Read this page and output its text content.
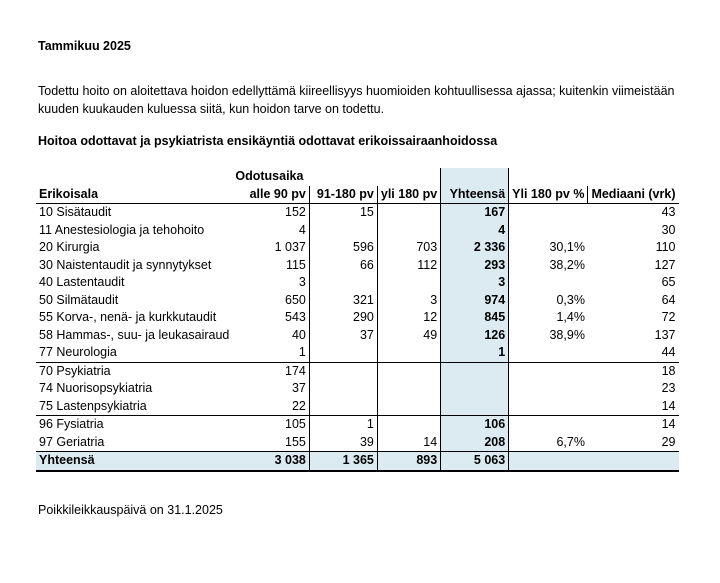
Tammikuu 2025
Todettu hoito on aloitettava hoidon edellyttämä kiireellisyys huomioiden kohtuullisessa ajassa; kuitenkin viimeistään kuuden kuukauden kuluessa siitä, kun hoidon tarve on todettu.
Hoitoa odottavat ja psykiatrista ensikäyntiä odottavat erikoissairaanhoidossa
	Odotusaika					
Erikoisala	alle 90 pv	91-180 pv	yli 180 pv	Yhteensä	Yli 180 pv %	Mediaani (vrk)
10 Sisätaudit	152	15		167		43
11 Anestesiologia ja tehohoito	4			4		30
20 Kirurgia	1 037	596	703	2 336	30,1%	110
30 Naistentaudit ja synnytykset	115	66	112	293	38,2%	127
40 Lastentaudit	3			3		65
50 Silmätaudit	650	321	3	974	0,3%	64
55 Korva-, nenä- ja kurkkutaudit	543	290	12	845	1,4%	72
58 Hammas-, suu- ja leukasairaud	40	37	49	126	38,9%	137
77 Neurologia	1			1		44
70 Psykiatria	174					18
74 Nuorisopsykiatria	37					23
75 Lastenpsykiatria	22					14
96 Fysiatria	105	1		106		14
97 Geriatria	155	39	14	208	6,7%	29
Yhteensä	3 038	1 365	893	5 063		
Poikkileikkauspäivä on 31.1.2025
